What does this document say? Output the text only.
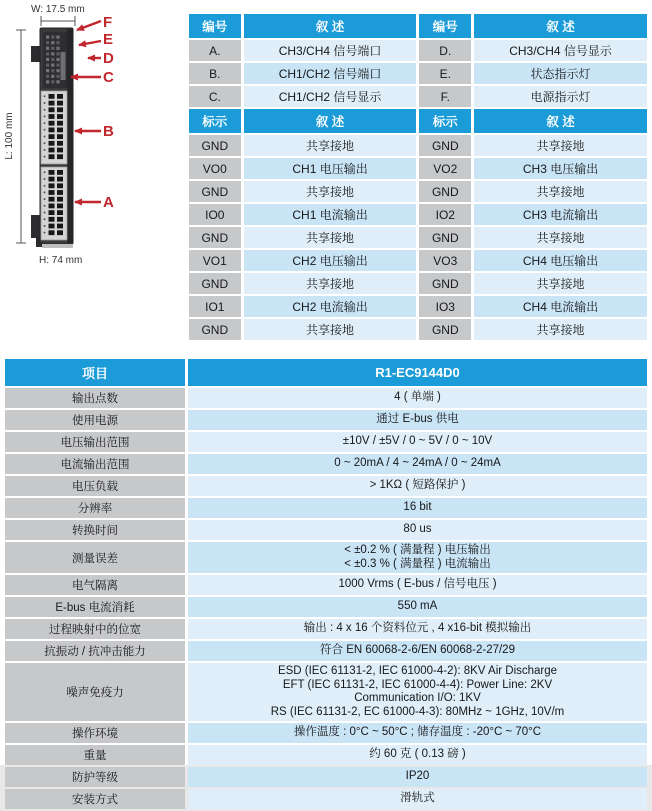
W: 17.5 mm
L: 100 mm
H: 74 mm
F
E
D
C
B
A
编号	叙 述	编号	叙 述
A.	CH3/CH4 信号端口	D.	CH3/CH4 信号显示
B.	CH1/CH2 信号端口	E.	状态指示灯
C.	CH1/CH2 信号显示	F.	电源指示灯
标示	叙 述	标示	叙 述
GND	共享接地	GND	共享接地
VO0	CH1 电压输出	VO2	CH3 电压输出
GND	共享接地	GND	共享接地
IO0	CH1 电流输出	IO2	CH3 电流输出
GND	共享接地	GND	共享接地
VO1	CH2 电压输出	VO3	CH4 电压输出
GND	共享接地	GND	共享接地
IO1	CH2 电流输出	IO3	CH4 电流输出
GND	共享接地	GND	共享接地
项目	R1-EC9144D0
输出点数	4 ( 单端 )

使用电源	通过 E-bus 供电

电压输出范围	±10V / ±5V / 0 ~ 5V / 0 ~ 10V

电流输出范围	0 ~ 20mA / 4 ~ 24mA / 0 ~ 24mA

电压负载	> 1KΩ ( 短路保护 )

分辨率	16 bit

转换时间	80 us

测量误差	< ±0.2 % ( 满量程 ) 电压输出
< ±0.3 % ( 满量程 ) 电流输出

电气隔离	1000 Vrms ( E-bus / 信号电压 )

E-bus 电流消耗	550 mA

过程映射中的位宽	输出 : 4 x 16 个资料位元 , 4 x16-bit 模拟输出

抗振动 / 抗冲击能力	符合 EN 60068-2-6/EN 60068-2-27/29

噪声免疫力	ESD (IEC 61131-2, IEC 61000-4-2): 8KV Air Discharge
EFT (IEC 61131-2, IEC 61000-4-4): Power Line: 2KV
Communication I/O: 1KV
RS (IEC 61131-2, EC 61000-4-3): 80MHz ~ 1GHz, 10V/m

操作环境	操作温度 : 0°C ~ 50°C ; 储存温度 : -20°C ~ 70°C

重量	约 60 克 ( 0.13 磅 )

防护等级	IP20

安装方式	滑轨式
